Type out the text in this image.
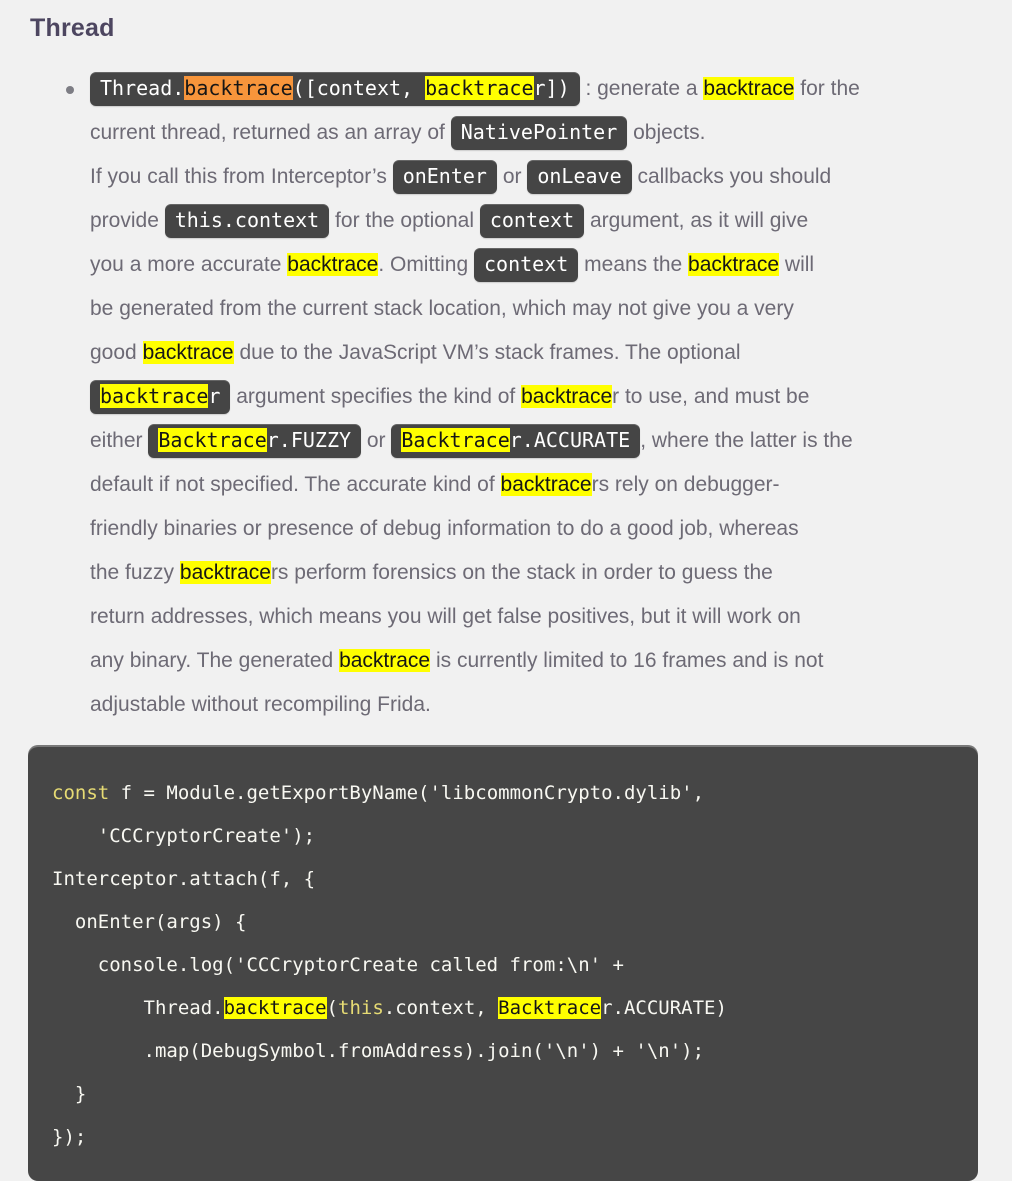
Thread
Thread.backtrace([context, backtracer]) : generate a backtrace for the
current thread, returned as an array of NativePointer objects.
If you call this from Interceptor’s onEnter or onLeave callbacks you should
provide this.context for the optional context argument, as it will give
you a more accurate backtrace. Omitting context means the backtrace will
be generated from the current stack location, which may not give you a very
good backtrace due to the JavaScript VM’s stack frames. The optional
backtracer argument specifies the kind of backtracer to use, and must be
either Backtracer.FUZZY or Backtracer.ACCURATE , where the latter is the
default if not specified. The accurate kind of backtracers rely on debugger-
friendly binaries or presence of debug information to do a good job, whereas
the fuzzy backtracers perform forensics on the stack in order to guess the
return addresses, which means you will get false positives, but it will work on
any binary. The generated backtrace is currently limited to 16 frames and is not
adjustable without recompiling Frida.
const f = Module.getExportByName('libcommonCrypto.dylib',
'CCCryptorCreate');
Interceptor.attach(f, {
onEnter(args) {
console.log('CCCryptorCreate called from:\n' +
Thread.backtrace(this.context, Backtracer.ACCURATE)
.map(DebugSymbol.fromAddress).join('\n') + '\n');
}
});
